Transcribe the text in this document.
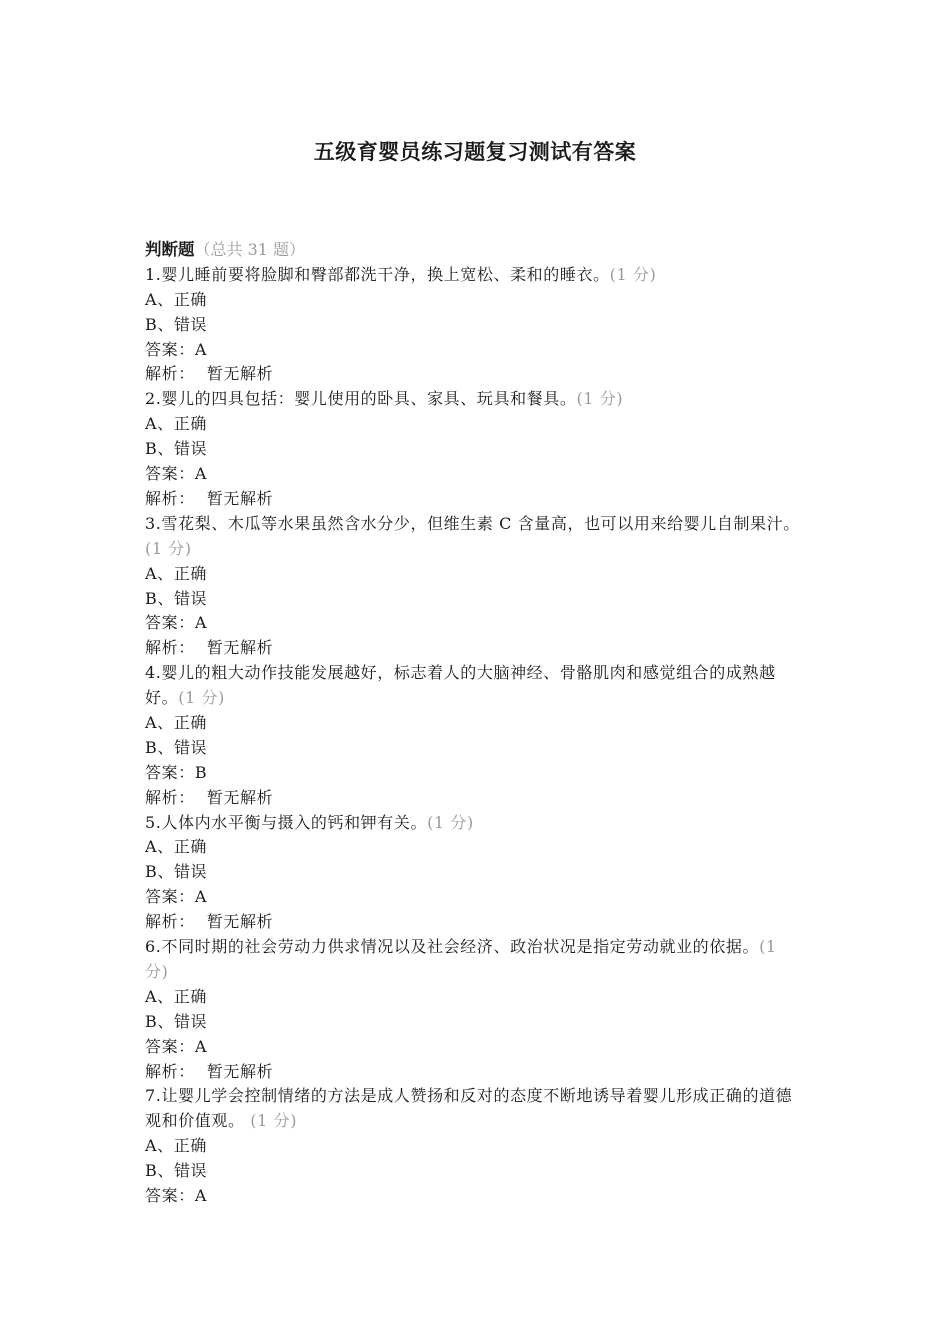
五级育婴员练习题复习测试有答案
判断题（总共 31 题）
1.婴儿睡前要将脸脚和臀部都洗干净，换上宽松、柔和的睡衣。(1 分)
A、正确
B、错误
答案：A
解析： 暂无解析
2.婴儿的四具包括：婴儿使用的卧具、家具、玩具和餐具。(1 分)
A、正确
B、错误
答案：A
解析： 暂无解析
3.雪花梨、木瓜等水果虽然含水分少，但维生素 C 含量高，也可以用来给婴儿自制果汁。(1 分)
A、正确
B、错误
答案：A
解析： 暂无解析
4.婴儿的粗大动作技能发展越好，标志着人的大脑神经、骨骼肌肉和感觉组合的成熟越好。(1 分)
A、正确
B、错误
答案：B
解析： 暂无解析
5.人体内水平衡与摄入的钙和钾有关。(1 分)
A、正确
B、错误
答案：A
解析： 暂无解析
6.不同时期的社会劳动力供求情况以及社会经济、政治状况是指定劳动就业的依据。(1 分)
A、正确
B、错误
答案：A
解析： 暂无解析
7.让婴儿学会控制情绪的方法是成人赞扬和反对的态度不断地诱导着婴儿形成正确的道德观和价值观。 (1 分)
A、正确
B、错误
答案：A
